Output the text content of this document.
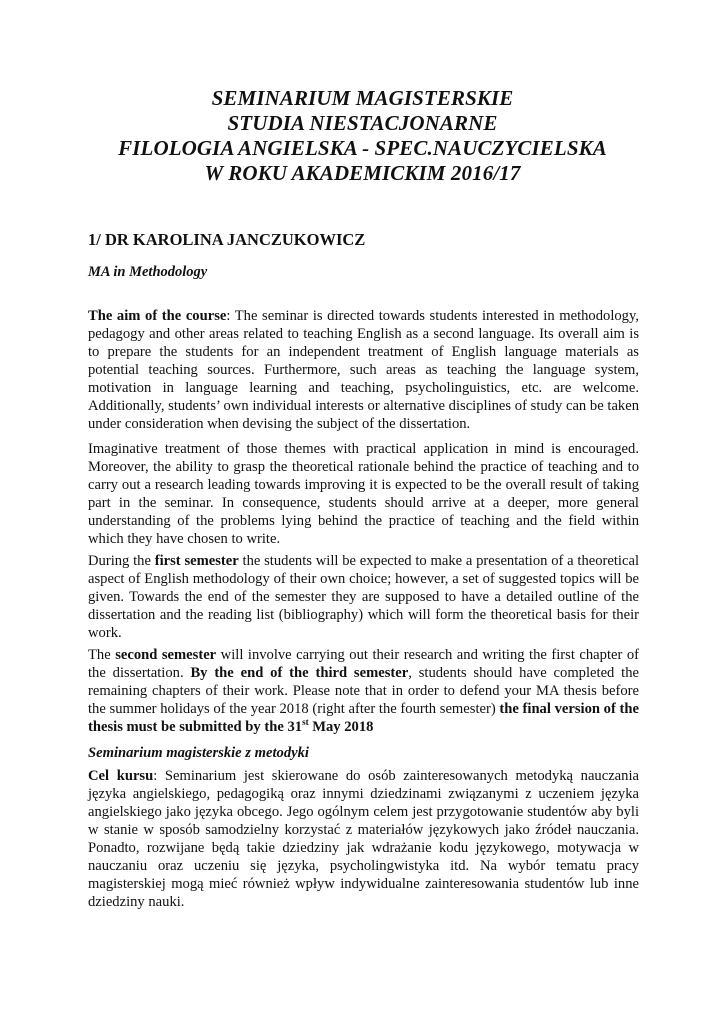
SEMINARIUM MAGISTERSKIE
STUDIA NIESTACJONARNE
FILOLOGIA ANGIELSKA - SPEC.NAUCZYCIELSKA
W ROKU AKADEMICKIM 2016/17
1/ DR KAROLINA JANCZUKOWICZ
MA in Methodology
The aim of the course: The seminar is directed towards students interested in methodology, pedagogy and other areas related to teaching English as a second language. Its overall aim is to prepare the students for an independent treatment of English language materials as potential teaching sources. Furthermore, such areas as teaching the language system, motivation in language learning and teaching, psycholinguistics, etc. are welcome. Additionally, students’ own individual interests or alternative disciplines of study can be taken under consideration when devising the subject of the dissertation.
Imaginative treatment of those themes with practical application in mind is encouraged. Moreover, the ability to grasp the theoretical rationale behind the practice of teaching and to carry out a research leading towards improving it is expected to be the overall result of taking part in the seminar. In consequence, students should arrive at a deeper, more general understanding of the problems lying behind the practice of teaching and the field within which they have chosen to write.
During the first semester the students will be expected to make a presentation of a theoretical aspect of English methodology of their own choice; however, a set of suggested topics will be given. Towards the end of the semester they are supposed to have a detailed outline of the dissertation and the reading list (bibliography) which will form the theoretical basis for their work.
The second semester will involve carrying out their research and writing the first chapter of the dissertation. By the end of the third semester, students should have completed the remaining chapters of their work. Please note that in order to defend your MA thesis before the summer holidays of the year 2018 (right after the fourth semester) the final version of the thesis must be submitted by the 31st May 2018
Seminarium magisterskie z metodyki
Cel kursu: Seminarium jest skierowane do osób zainteresowanych metodyką nauczania języka angielskiego, pedagogiką oraz innymi dziedzinami związanymi z uczeniem języka angielskiego jako języka obcego. Jego ogólnym celem jest przygotowanie studentów aby byli w stanie w sposób samodzielny korzystać z materiałów językowych jako źródeł nauczania. Ponadto, rozwijane będą takie dziedziny jak wdrażanie kodu językowego, motywacja w nauczaniu oraz uczeniu się języka, psycholingwistyka itd. Na wybór tematu pracy magisterskiej mogą mieć również wpływ indywidualne zainteresowania studentów lub inne dziedziny nauki.
